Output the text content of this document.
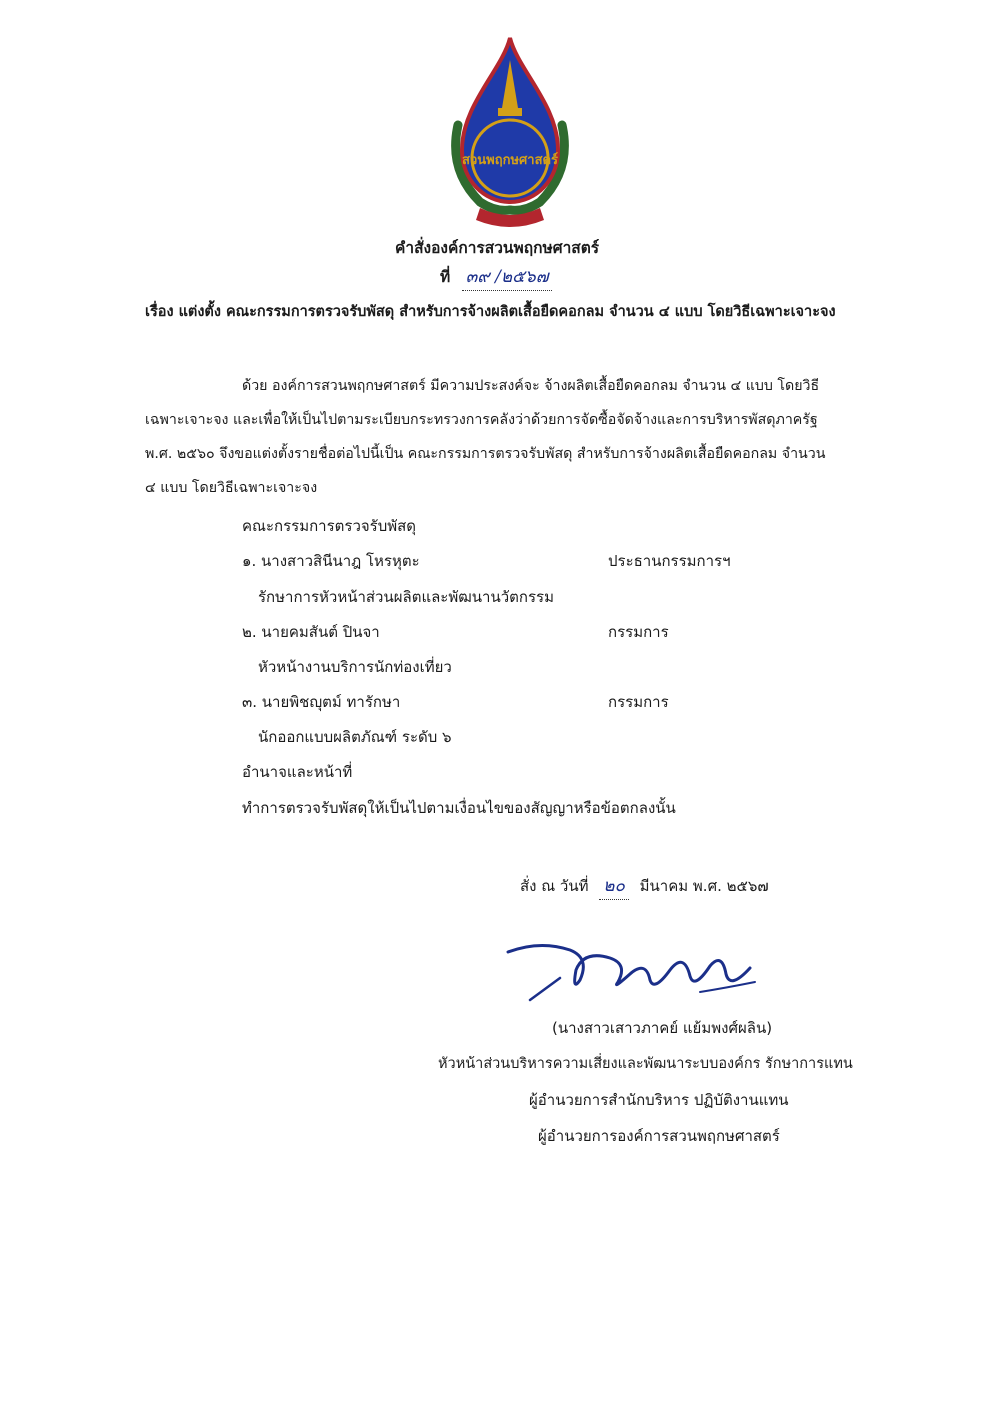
สวนพฤกษศาสตร์
คำสั่งองค์การสวนพฤกษศาสตร์
ที่ ๓๙ /๒๕๖๗
เรื่อง แต่งตั้ง คณะกรรมการตรวจรับพัสดุ สำหรับการจ้างผลิตเสื้อยืดคอกลม จำนวน ๔ แบบ โดยวิธีเฉพาะเจาะจง
ด้วย องค์การสวนพฤกษศาสตร์ มีความประสงค์จะ จ้างผลิตเสื้อยืดคอกลม จำนวน ๔ แบบ โดยวิธี
เฉพาะเจาะจง และเพื่อให้เป็นไปตามระเบียบกระทรวงการคลังว่าด้วยการจัดซื้อจัดจ้างและการบริหารพัสดุภาครัฐ
พ.ศ. ๒๕๖๐ จึงขอแต่งตั้งรายชื่อต่อไปนี้เป็น คณะกรรมการตรวจรับพัสดุ สำหรับการจ้างผลิตเสื้อยืดคอกลม จำนวน
๔ แบบ โดยวิธีเฉพาะเจาะจง
คณะกรรมการตรวจรับพัสดุ
๑. นางสาวสินีนาฎ โหรหุตะ	ประธานกรรมการฯ
รักษาการหัวหน้าส่วนผลิตและพัฒนานวัตกรรม
๒. นายคมสันต์ ปินจา	กรรมการ
หัวหน้างานบริการนักท่องเที่ยว
๓. นายพิชญุตม์ ทารักษา	กรรมการ
นักออกแบบผลิตภัณฑ์ ระดับ ๖
อำนาจและหน้าที่
ทำการตรวจรับพัสดุให้เป็นไปตามเงื่อนไขของสัญญาหรือข้อตกลงนั้น
สั่ง ณ วันที่ ๒๐ มีนาคม พ.ศ. ๒๕๖๗
(นางสาวเสาวภาคย์ แย้มพงศ์ผลิน)
หัวหน้าส่วนบริหารความเสี่ยงและพัฒนาระบบองค์กร รักษาการแทน
ผู้อำนวยการสำนักบริหาร ปฏิบัติงานแทน
ผู้อำนวยการองค์การสวนพฤกษศาสตร์
